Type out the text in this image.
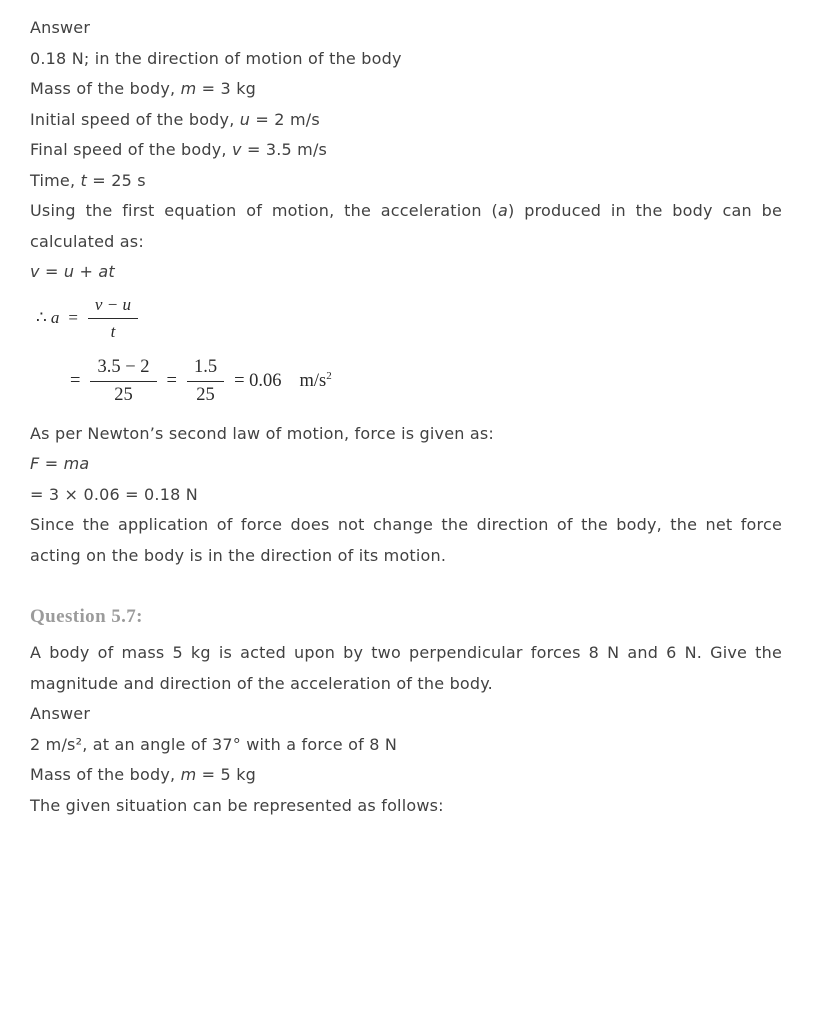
Answer

0.18 N; in the direction of motion of the body

Mass of the body, m = 3 kg

Initial speed of the body, u = 2 m/s

Final speed of the body, v = 3.5 m/s

Time, t = 25 s

Using the first equation of motion, the acceleration (a) produced in the body can be calculated as:

v = u + at

∴ $a = \frac{v - u}{t}$
= $\frac{3.5 - 2}{25} = \frac{1.5}{25} = 0.06$ $m/s^2$

As per Newton’s second law of motion, force is given as:

F = ma

= 3 × 0.06 = 0.18 N

Since the application of force does not change the direction of the body, the net force acting on the body is in the direction of its motion.

Question 5.7:

A body of mass 5 kg is acted upon by two perpendicular forces 8 N and 6 N. Give the magnitude and direction of the acceleration of the body.

Answer

2 m/s², at an angle of 37° with a force of 8 N

Mass of the body, m = 5 kg

The given situation can be represented as follows:
